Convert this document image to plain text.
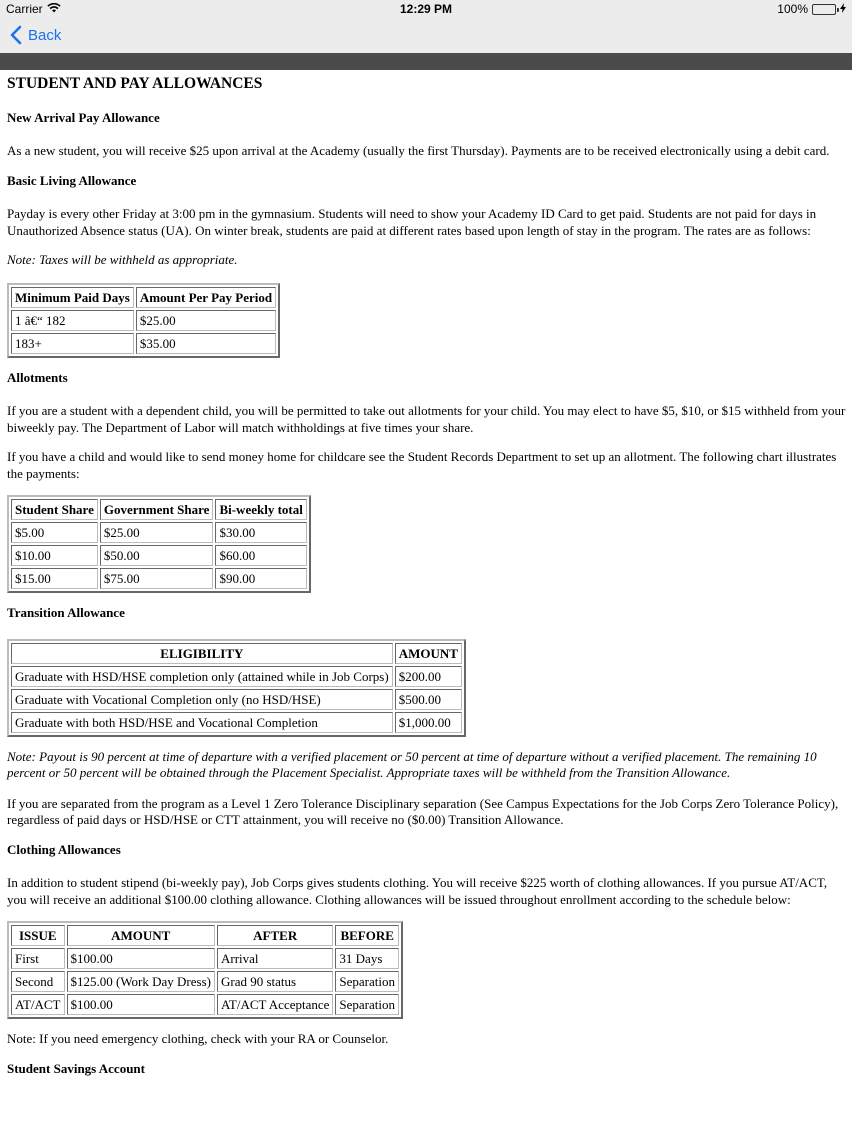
Carrier	12:29 PM	100%
Back
STUDENT AND PAY ALLOWANCES
New Arrival Pay Allowance

As a new student, you will receive $25 upon arrival at the Academy (usually the first Thursday). Payments are to be received electronically using a debit card.

Basic Living Allowance

Payday is every other Friday at 3:00 pm in the gymnasium. Students will need to show your Academy ID Card to get paid. Students are not paid for days in Unauthorized Absence status (UA). On winter break, students are paid at different rates based upon length of stay in the program. The rates are as follows:

Note: Taxes will be withheld as appropriate.

Minimum Paid Days	Amount Per Pay Period
1 â€“ 182	$25.00
183+	$35.00
Allotments

If you are a student with a dependent child, you will be permitted to take out allotments for your child. You may elect to have $5, $10, or $15 withheld from your biweekly pay. The Department of Labor will match withholdings at five times your share.

If you have a child and would like to send money home for childcare see the Student Records Department to set up an allotment. The following chart illustrates the payments:

Student Share	Government Share	Bi-weekly total
$5.00	$25.00	$30.00
$10.00	$50.00	$60.00
$15.00	$75.00	$90.00
Transition Allowance
ELIGIBILITY	AMOUNT
Graduate with HSD/HSE completion only (attained while in Job Corps)	$200.00
Graduate with Vocational Completion only (no HSD/HSE)	$500.00
Graduate with both HSD/HSE and Vocational Completion	$1,000.00

Note: Payout is 90 percent at time of departure with a verified placement or 50 percent at time of departure without a verified placement. The remaining 10 percent or 50 percent will be obtained through the Placement Specialist. Appropriate taxes will be withheld from the Transition Allowance.

If you are separated from the program as a Level 1 Zero Tolerance Disciplinary separation (See Campus Expectations for the Job Corps Zero Tolerance Policy), regardless of paid days or HSD/HSE or CTT attainment, you will receive no ($0.00) Transition Allowance.

Clothing Allowances

In addition to student stipend (bi-weekly pay), Job Corps gives students clothing. You will receive $225 worth of clothing allowances. If you pursue AT/ACT, you will receive an additional $100.00 clothing allowance. Clothing allowances will be issued throughout enrollment according to the schedule below:

ISSUE	AMOUNT	AFTER	BEFORE
First	$100.00	Arrival	31 Days
Second	$125.00 (Work Day Dress)	Grad 90 status	Separation
AT/ACT	$100.00	AT/ACT Acceptance	Separation

Note: If you need emergency clothing, check with your RA or Counselor.

Student Savings Account
